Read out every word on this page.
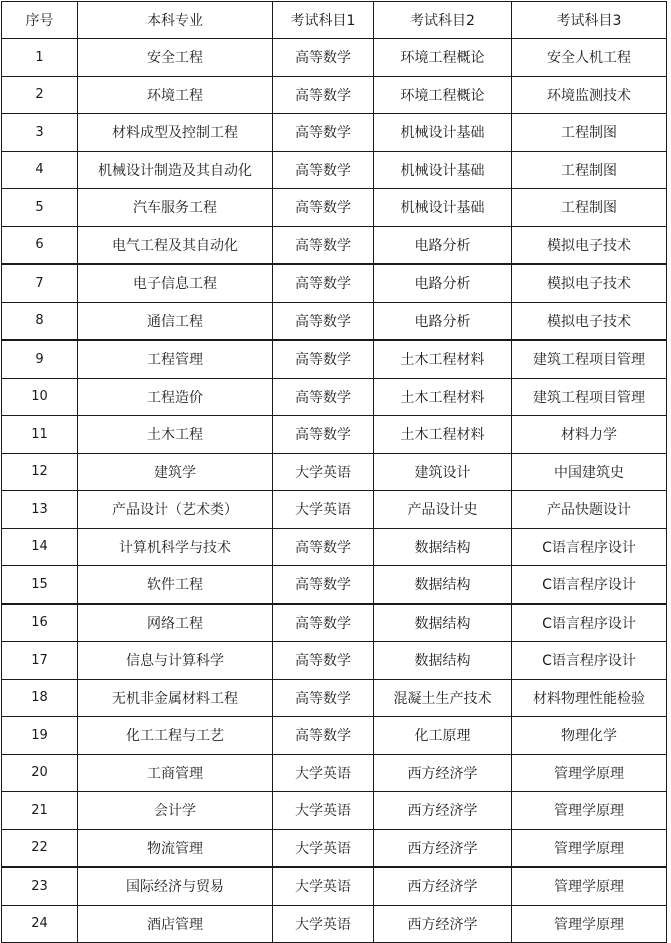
序号	本科专业	考试科目1	考试科目2	考试科目3
1	安全工程	高等数学	环境工程概论	安全人机工程
2	环境工程	高等数学	环境工程概论	环境监测技术
3	材料成型及控制工程	高等数学	机械设计基础	工程制图
4	机械设计制造及其自动化	高等数学	机械设计基础	工程制图
5	汽车服务工程	高等数学	机械设计基础	工程制图
6	电气工程及其自动化	高等数学	电路分析	模拟电子技术
7	电子信息工程	高等数学	电路分析	模拟电子技术
8	通信工程	高等数学	电路分析	模拟电子技术
9	工程管理	高等数学	土木工程材料	建筑工程项目管理
10	工程造价	高等数学	土木工程材料	建筑工程项目管理
11	土木工程	高等数学	土木工程材料	材料力学
12	建筑学	大学英语	建筑设计	中国建筑史
13	产品设计（艺术类）	大学英语	产品设计史	产品快题设计
14	计算机科学与技术	高等数学	数据结构	C语言程序设计
15	软件工程	高等数学	数据结构	C语言程序设计
16	网络工程	高等数学	数据结构	C语言程序设计
17	信息与计算科学	高等数学	数据结构	C语言程序设计
18	无机非金属材料工程	高等数学	混凝土生产技术	材料物理性能检验
19	化工工程与工艺	高等数学	化工原理	物理化学
20	工商管理	大学英语	西方经济学	管理学原理
21	会计学	大学英语	西方经济学	管理学原理
22	物流管理	大学英语	西方经济学	管理学原理
23	国际经济与贸易	大学英语	西方经济学	管理学原理
24	酒店管理	大学英语	西方经济学	管理学原理
